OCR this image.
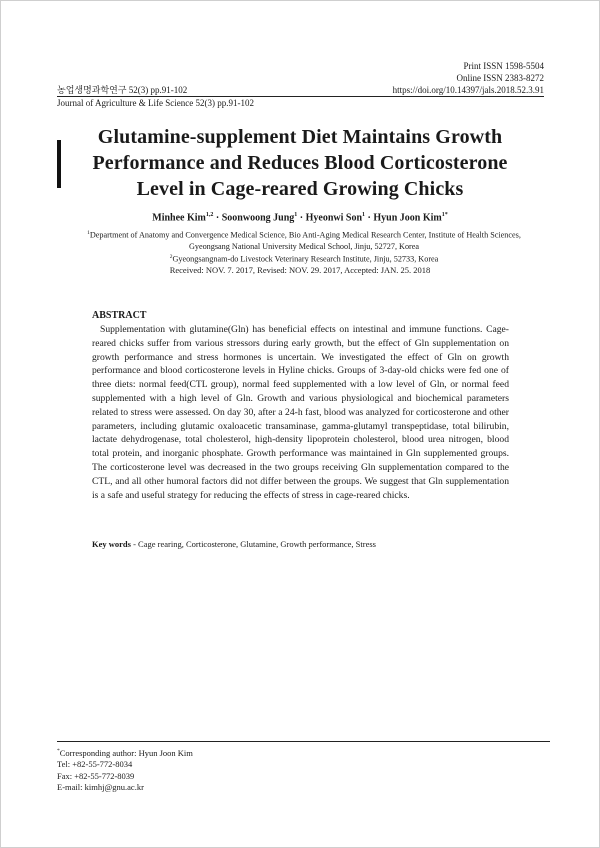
Print ISSN 1598-5504
Online ISSN 2383-8272
농업생명과학연구 52(3) pp.91-102	https://doi.org/10.14397/jals.2018.52.3.91
Journal of Agriculture & Life Science 52(3) pp.91-102
Glutamine-supplement Diet Maintains Growth
Performance and Reduces Blood Corticosterone
Level in Cage-reared Growing Chicks
Minhee Kim$^{1,2}$ · Soonwoong Jung$^1$ · Hyeonwi Son$^1$ · Hyun Joon Kim$^{1*}$
$^1$Department of Anatomy and Convergence Medical Science, Bio Anti-Aging Medical Research Center, Institute of Health Sciences,
Gyeongsang National University Medical School, Jinju, 52727, Korea
$^2$Gyeongsangnam-do Livestock Veterinary Research Institute, Jinju, 52733, Korea
Received: NOV. 7. 2017, Revised: NOV. 29. 2017, Accepted: JAN. 25. 2018
ABSTRACT
Supplementation with glutamine(Gln) has beneficial effects on intestinal and immune functions. Cage-reared chicks suffer from various stressors during early growth, but the effect of Gln supplementation on growth performance and stress hormones is uncertain. We investigated the effect of Gln on growth performance and blood corticosterone levels in Hyline chicks. Groups of 3-day-old chicks were fed one of three diets: normal feed(CTL group), normal feed supplemented with a low level of Gln, or normal feed supplemented with a high level of Gln. Growth and various physiological and biochemical parameters related to stress were assessed. On day 30, after a 24-h fast, blood was analyzed for corticosterone and other parameters, including glutamic oxaloacetic transaminase, gamma-glutamyl transpeptidase, total bilirubin, lactate dehydrogenase, total cholesterol, high-density lipoprotein cholesterol, blood urea nitrogen, blood total protein, and inorganic phosphate. Growth performance was maintained in Gln supplemented groups. The corticosterone level was decreased in the two groups receiving Gln supplementation compared to the CTL, and all other humoral factors did not differ between the groups. We suggest that Gln supplementation is a safe and useful strategy for reducing the effects of stress in cage-reared chicks.
Key words - Cage rearing, Corticosterone, Glutamine, Growth performance, Stress
*Corresponding author: Hyun Joon Kim
Tel: +82-55-772-8034
Fax: +82-55-772-8039
E-mail: kimhj@gnu.ac.kr
